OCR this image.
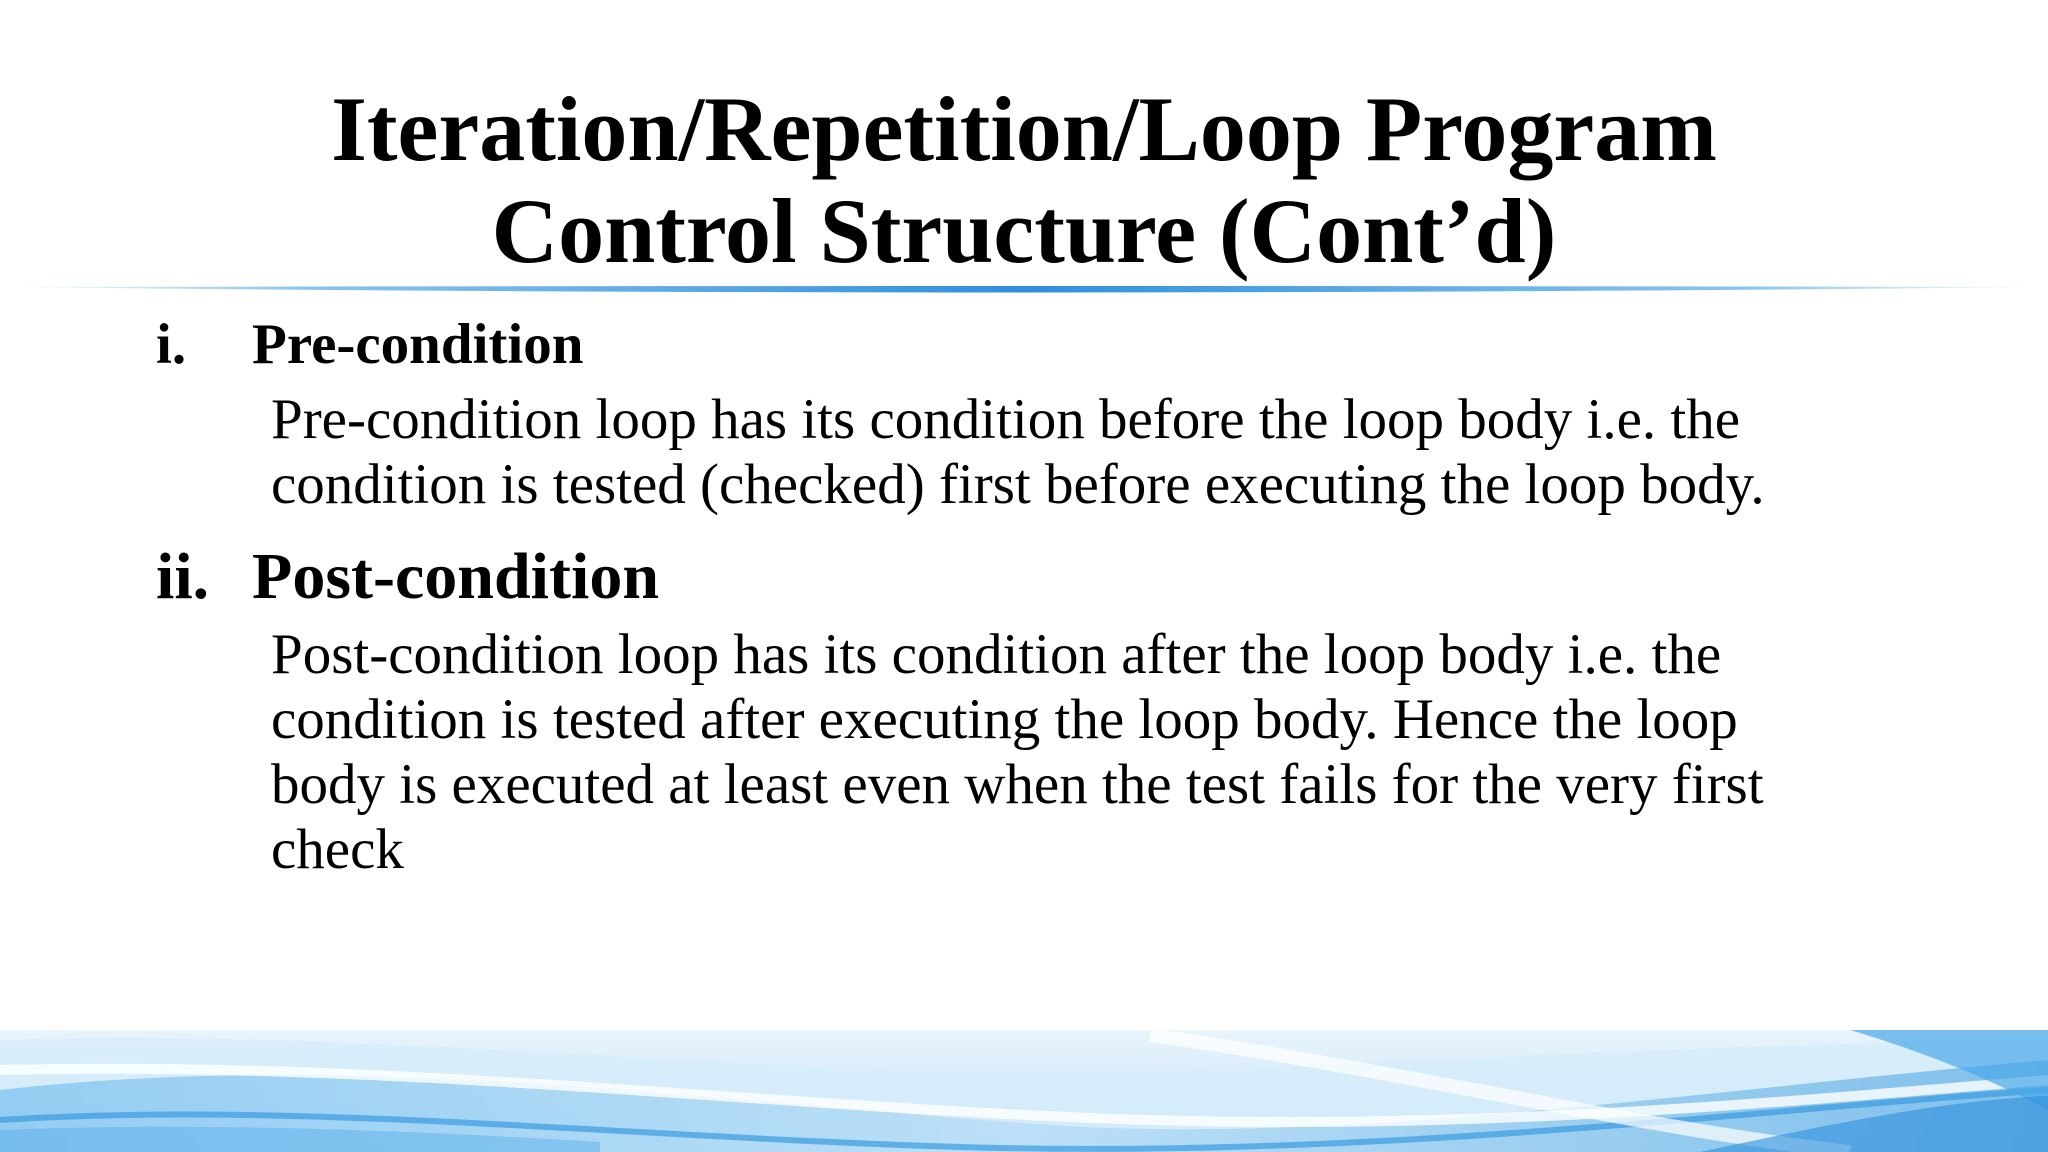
Iteration/Repetition/Loop Program
Control Structure (Cont’d)
i. Pre-condition

Pre-condition loop has its condition before the loop body i.e. the
condition is tested (checked) first before executing the loop body.

ii. Post-condition

Post-condition loop has its condition after the loop body i.e. the
condition is tested after executing the loop body. Hence the loop
body is executed at least even when the test fails for the very first
check
